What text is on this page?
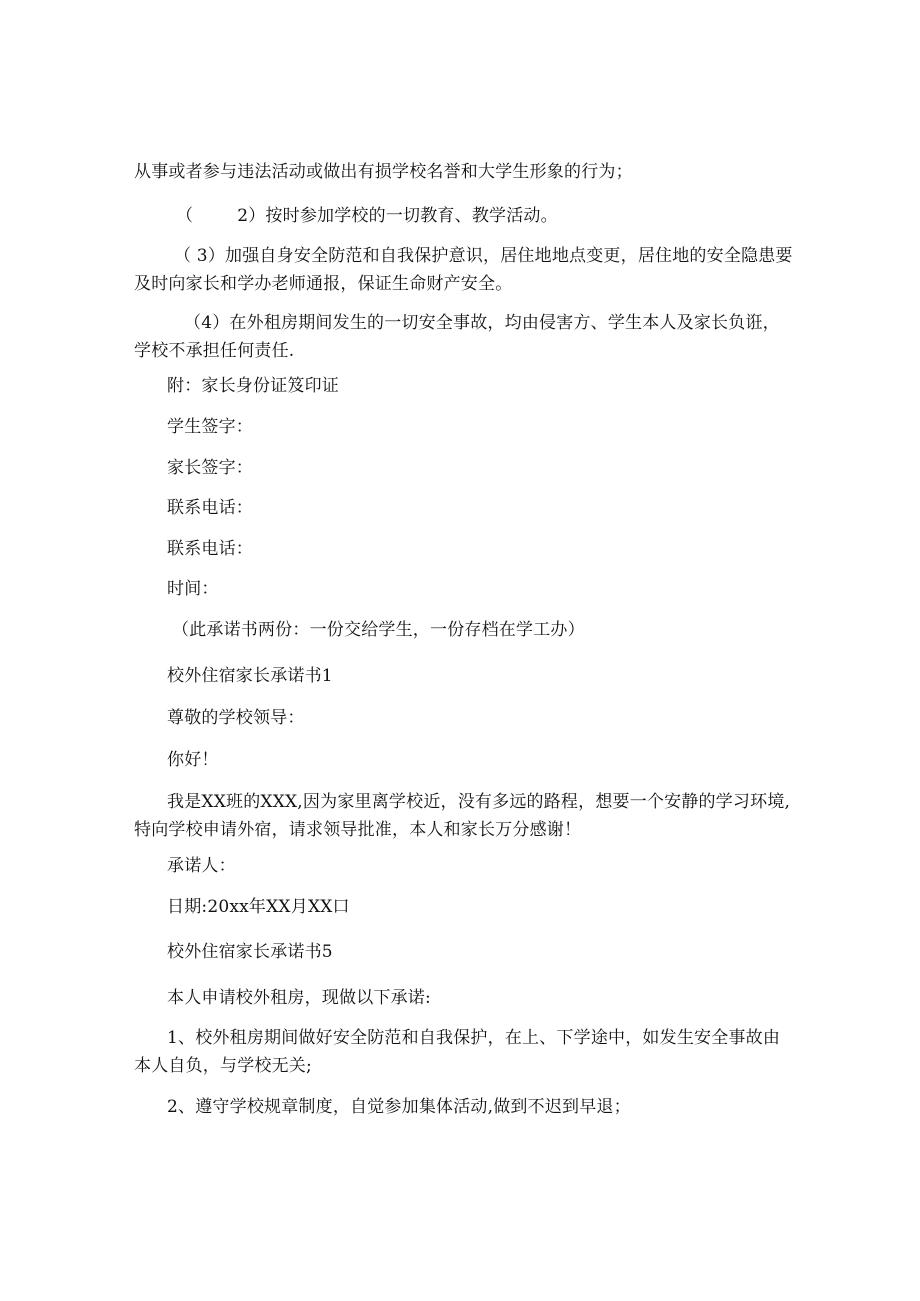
从事或者参与违法活动或做出有损学校名誉和大学生形象的行为；
（	2）按时参加学校的一切教育、教学活动。
（ 3）加强自身安全防范和自我保护意识，居住地地点变更，居住地的安全隐患要及时向家长和学办老师通报，保证生命财产安全。
（4）在外租房期间发生的一切安全事故，均由侵害方、学生本人及家长负诳，学校不承担任何责任.
附：家长身份证笈印证
学生签字：
家长签字：
联系电话：
联系电话：
时间：
（此承诺书两份：一份交给学生，一份存档在学工办）
校外住宿家长承诺书1
尊敬的学校领导：
你好！
我是XX班的XXX,因为家里离学校近，没有多远的路程，想要一个安静的学习环境,特向学校申请外宿，请求领导批准，本人和家长万分感谢！
承诺人：
日期:20xx年XX月XX口
校外住宿家长承诺书5
本人申请校外租房，现做以下承诺:
1、校外租房期间做好安全防范和自我保护，在上、下学途中，如发生安全事故由本人自负，与学校无关;
2、遵守学校规章制度，自觉参加集体活动,做到不迟到早退；
